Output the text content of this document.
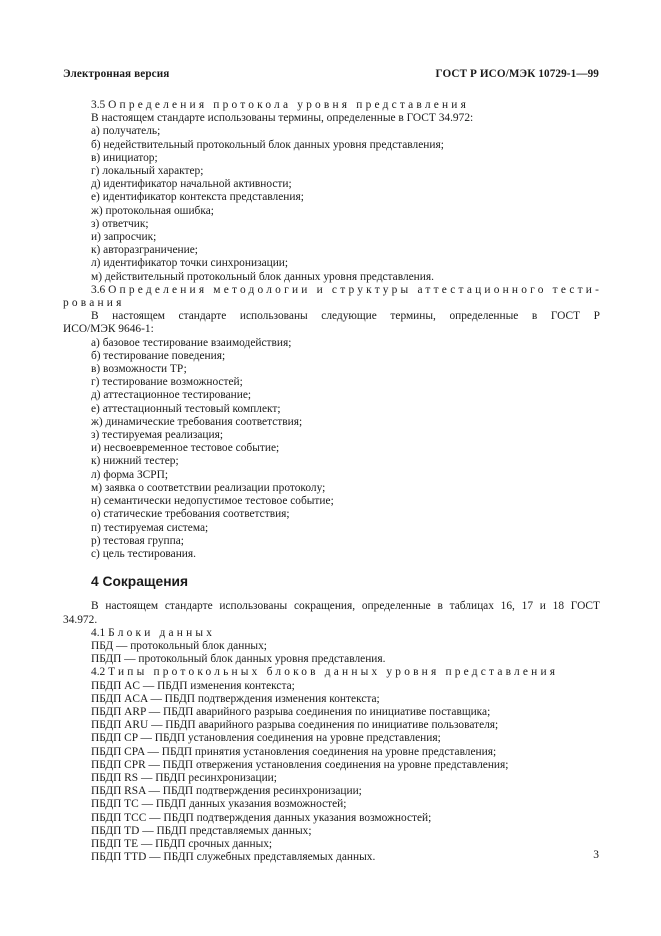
Электронная версия	ГОСТ Р ИСО/МЭК 10729-1—99
3.5 Определения протокола уровня представления
В настоящем стандарте использованы термины, определенные в ГОСТ 34.972:
а) получатель;
б) недействительный протокольный блок данных уровня представления;
в) инициатор;
г) локальный характер;
д) идентификатор начальной активности;
е) идентификатор контекста представления;
ж) протокольная ошибка;
з) ответчик;
и) запросчик;
к) авторазграничение;
л) идентификатор точки синхронизации;
м) действительный протокольный блок данных уровня представления.
3.6 Определения методологии и структуры аттестационного тести-
рования
В настоящем стандарте использованы следующие термины, определенные в ГОСТ Р
ИСО/МЭК 9646-1:
а) базовое тестирование взаимодействия;
б) тестирование поведения;
в) возможности ТР;
г) тестирование возможностей;
д) аттестационное тестирование;
е) аттестационный тестовый комплект;
ж) динамические требования соответствия;
з) тестируемая реализация;
и) несвоевременное тестовое событие;
к) нижний тестер;
л) форма ЗСРП;
м) заявка о соответствии реализации протоколу;
н) семантически недопустимое тестовое событие;
о) статические требования соответствия;
п) тестируемая система;
р) тестовая группа;
с) цель тестирования.
4 Сокращения
В настоящем стандарте использованы сокращения, определенные в таблицах 16, 17 и 18 ГОСТ
34.972.
4.1 Блоки данных
ПБД — протокольный блок данных;
ПБДП — протокольный блок данных уровня представления.
4.2 Типы протокольных блоков данных уровня представления
ПБДП AC — ПБДП изменения контекста;
ПБДП ACA — ПБДП подтверждения изменения контекста;
ПБДП ARP — ПБДП аварийного разрыва соединения по инициативе поставщика;
ПБДП ARU — ПБДП аварийного разрыва соединения по инициативе пользователя;
ПБДП CP — ПБДП установления соединения на уровне представления;
ПБДП CPA — ПБДП принятия установления соединения на уровне представления;
ПБДП CPR — ПБДП отвержения установления соединения на уровне представления;
ПБДП RS — ПБДП ресинхронизации;
ПБДП RSA — ПБДП подтверждения ресинхронизации;
ПБДП TC — ПБДП данных указания возможностей;
ПБДП TCC — ПБДП подтверждения данных указания возможностей;
ПБДП TD — ПБДП представляемых данных;
ПБДП TE — ПБДП срочных данных;
ПБДП TTD — ПБДП служебных представляемых данных.	3
